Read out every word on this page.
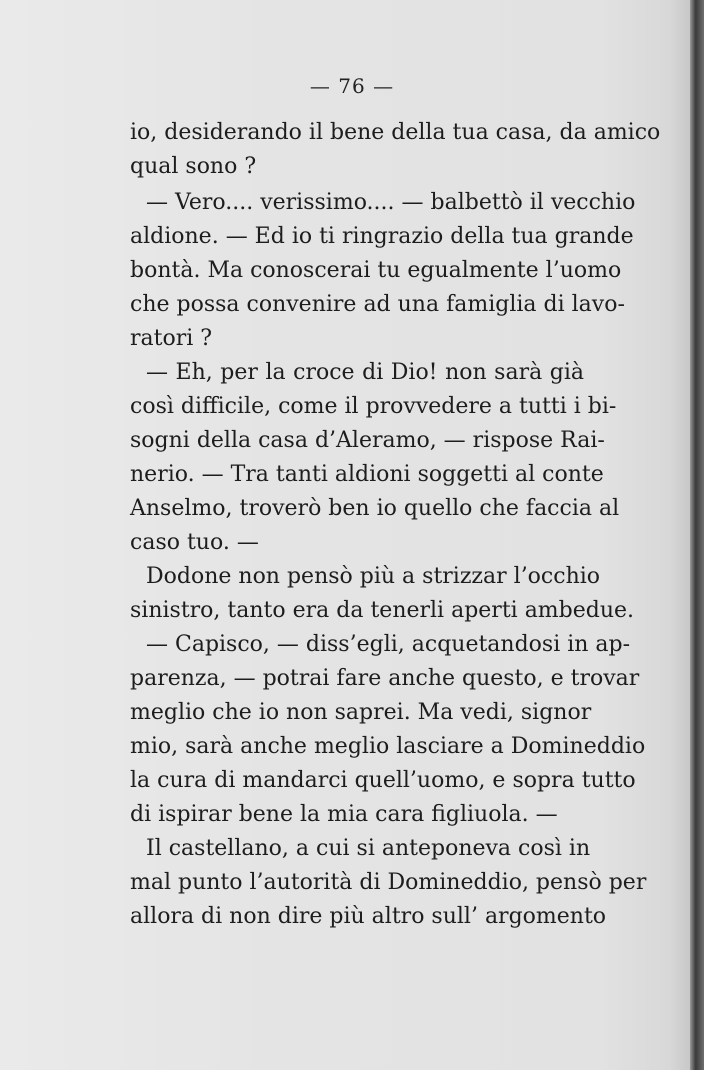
— 76 —
io, desiderando il bene della tua casa, da amico
qual sono ?
— Vero.... verissimo.... — balbettò il vecchio
aldione. — Ed io ti ringrazio della tua grande
bontà. Ma conoscerai tu egualmente l’uomo
che possa convenire ad una famiglia di lavo-
ratori ?
— Eh, per la croce di Dio! non sarà già
così difficile, come il provvedere a tutti i bi-
sogni della casa d’Aleramo, — rispose Rai-
nerio. — Tra tanti aldioni soggetti al conte
Anselmo, troverò ben io quello che faccia al
caso tuo. —
Dodone non pensò più a strizzar l’occhio
sinistro, tanto era da tenerli aperti ambedue.
— Capisco, — diss’egli, acquetandosi in ap-
parenza, — potrai fare anche questo, e trovar
meglio che io non saprei. Ma vedi, signor
mio, sarà anche meglio lasciare a Domineddio
la cura di mandarci quell’uomo, e sopra tutto
di ispirar bene la mia cara figliuola. —
Il castellano, a cui si anteponeva così in
mal punto l’autorità di Domineddio, pensò per
allora di non dire più altro sull’ argomento
